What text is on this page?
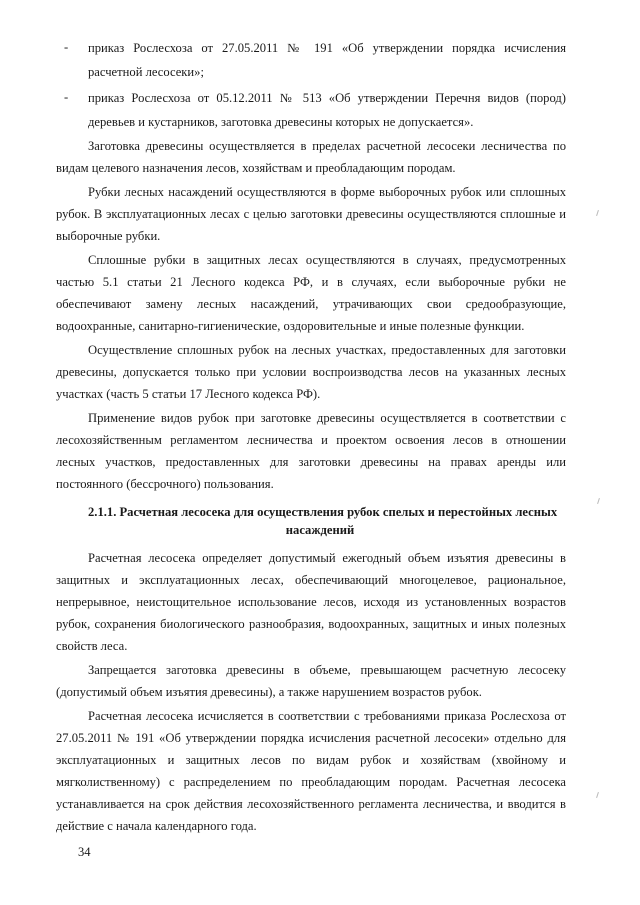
- приказ Рослесхоза от 27.05.2011 № 191 «Об утверждении порядка исчисления
расчетной лесосеки»;
- приказ Рослесхоза от 05.12.2011 № 513 «Об утверждении Перечня видов (пород)
деревьев и кустарников, заготовка древесины которых не допускается».
Заготовка древесины осуществляется в пределах расчетной лесосеки лесничества по
видам целевого назначения лесов, хозяйствам и преобладающим породам.
Рубки лесных насаждений осуществляются в форме выборочных рубок или сплошных
рубок. В эксплуатационных лесах с целью заготовки древесины осуществляются сплошные и
выборочные рубки.
Сплошные рубки в защитных лесах осуществляются в случаях, предусмотренных
частью 5.1 статьи 21 Лесного кодекса РФ, и в случаях, если выборочные рубки не
обеспечивают замену лесных насаждений, утрачивающих свои средообразующие,
водоохранные, санитарно-гигиенические, оздоровительные и иные полезные функции.
Осуществление сплошных рубок на лесных участках, предоставленных для заготовки
древесины, допускается только при условии воспроизводства лесов на указанных лесных
участках (часть 5 статьи 17 Лесного кодекса РФ).
Применение видов рубок при заготовке древесины осуществляется в соответствии с
лесохозяйственным регламентом лесничества и проектом освоения лесов в отношении
лесных участков, предоставленных для заготовки древесины на правах аренды или
постоянного (бессрочного) пользования.
2.1.1. Расчетная лесосека для осуществления рубок спелых и перестойных лесных
насаждений
Расчетная лесосека определяет допустимый ежегодный объем изъятия древесины в
защитных и эксплуатационных лесах, обеспечивающий многоцелевое, рациональное,
непрерывное, неистощительное использование лесов, исходя из установленных возрастов
рубок, сохранения биологического разнообразия, водоохранных, защитных и иных полезных
свойств леса.
Запрещается заготовка древесины в объеме, превышающем расчетную лесосеку
(допустимый объем изъятия древесины), а также нарушением возрастов рубок.
Расчетная лесосека исчисляется в соответствии с требованиями приказа Рослесхоза от
27.05.2011 № 191 «Об утверждении порядка исчисления расчетной лесосеки» отдельно для
эксплуатационных и защитных лесов по видам рубок и хозяйствам (хвойному и
мягколиственному) с распределением по преобладающим породам. Расчетная лесосека
устанавливается на срок действия лесохозяйственного регламента лесничества, и вводится в
действие с начала календарного года.
34
